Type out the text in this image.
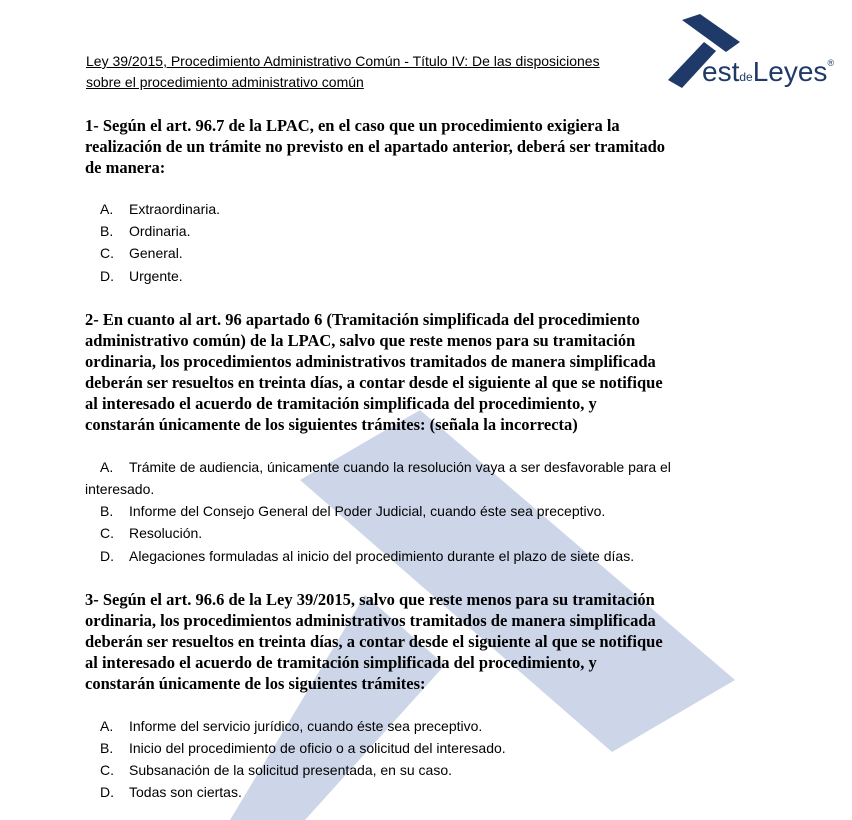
estdeLeyes®
Ley 39/2015, Procedimiento Administrativo Común - Título IV: De las disposiciones
sobre el procedimiento administrativo común
1- Según el art. 96.7 de la LPAC, en el caso que un procedimiento exigiera la
realización de un trámite no previsto en el apartado anterior, deberá ser tramitado
de manera:
A. Extraordinaria.
B. Ordinaria.
C. General.
D. Urgente.
2- En cuanto al art. 96 apartado 6 (Tramitación simplificada del procedimiento
administrativo común) de la LPAC, salvo que reste menos para su tramitación
ordinaria, los procedimientos administrativos tramitados de manera simplificada
deberán ser resueltos en treinta días, a contar desde el siguiente al que se notifique
al interesado el acuerdo de tramitación simplificada del procedimiento, y
constarán únicamente de los siguientes trámites: (señala la incorrecta)
A. Trámite de audiencia, únicamente cuando la resolución vaya a ser desfavorable para el
interesado.
B. Informe del Consejo General del Poder Judicial, cuando éste sea preceptivo.
C. Resolución.
D. Alegaciones formuladas al inicio del procedimiento durante el plazo de siete días.
3- Según el art. 96.6 de la Ley 39/2015, salvo que reste menos para su tramitación
ordinaria, los procedimientos administrativos tramitados de manera simplificada
deberán ser resueltos en treinta días, a contar desde el siguiente al que se notifique
al interesado el acuerdo de tramitación simplificada del procedimiento, y
constarán únicamente de los siguientes trámites:
A. Informe del servicio jurídico, cuando éste sea preceptivo.
B. Inicio del procedimiento de oficio o a solicitud del interesado.
C. Subsanación de la solicitud presentada, en su caso.
D. Todas son ciertas.
